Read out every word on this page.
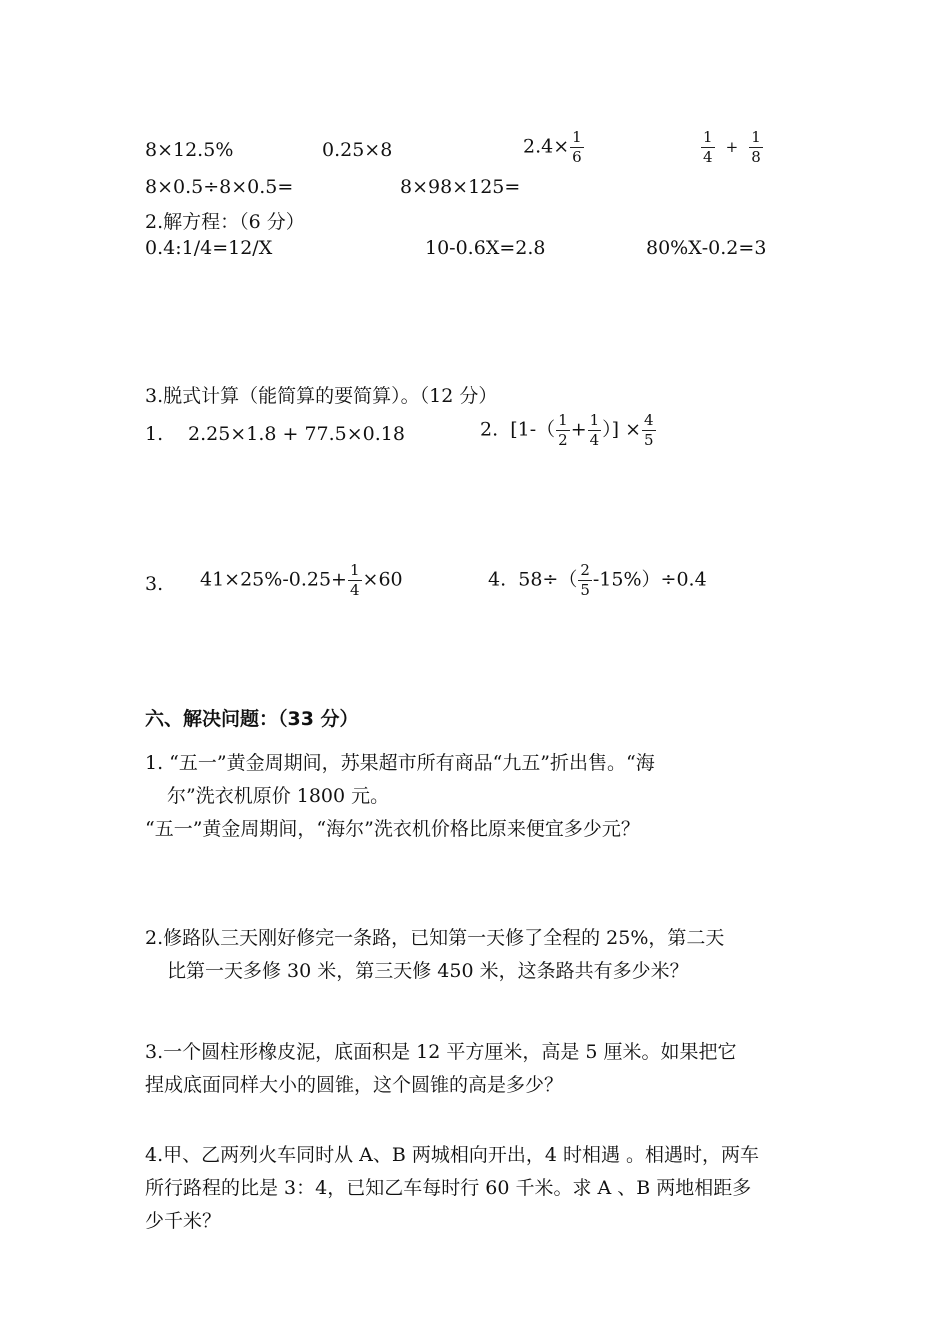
8×12.5%	0.25×8	$2.4\times \frac{1}{6}$	$\frac{1}{4} + \frac{1}{8}$
8×0.5÷8×0.5=	8×98×125=
2.解方程：（6 分）
0.4:1/4=12/Ⅹ	10-0.6Ⅹ=2.8	80%Ⅹ-0.2=3
3.脱式计算（能简算的要简算）。（12 分）
1. 2.25×1.8 + 77.5×0.18	2. [$1-( \frac{1}{2} + \frac{1}{4}$ ）] × $\frac{4}{5}$
3. $41\times 25\%-0.25+ \frac{1}{4} \times 60$	4. $58\div( \frac{2}{5} -15\%)\div 0.4$
六、解决问题：（33 分）
1. “五一”黄金周期间，苏果超市所有商品“九五”折出售。“海
尔”洗衣机原价 1800 元。
“五一”黄金周期间，“海尔”洗衣机价格比原来便宜多少元？
2.修路队三天刚好修完一条路，已知第一天修了全程的 25%，第二天
比第一天多修 30 米，第三天修 450 米，这条路共有多少米？
3.一个圆柱形橡皮泥，底面积是 12 平方厘米，高是 5 厘米。如果把它
捏成底面同样大小的圆锥，这个圆锥的高是多少？
4.甲、乙两列火车同时从 A、B 两城相向开出，4 时相遇 。相遇时，两车
所行路程的比是 3：4，已知乙车每时行 60 千米。求 A 、B 两地相距多
少千米？
